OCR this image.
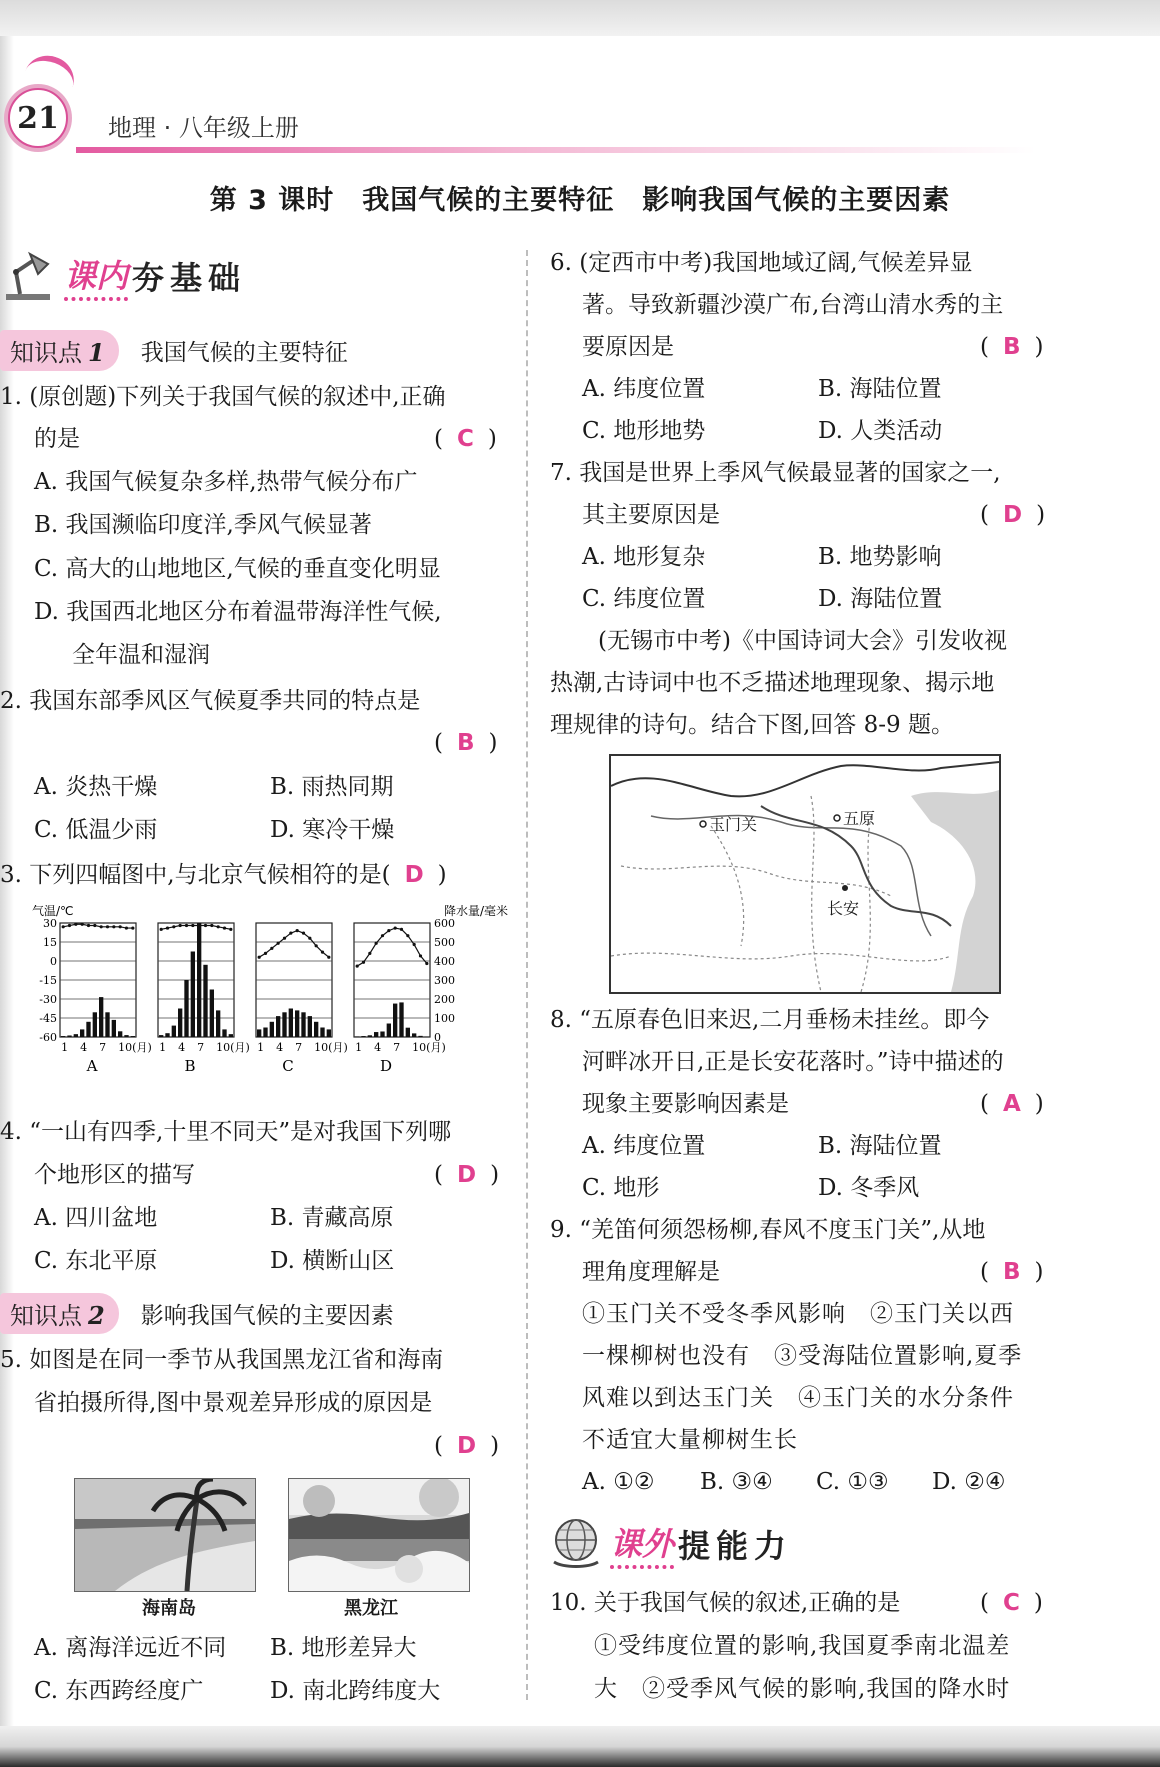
21	地理 · 八年级上册
第 3 课时　我国气候的主要特征　影响我国气候的主要因素
课内 夯基础
知识点 1	我国气候的主要特征
1. (原创题)下列关于我国气候的叙述中,正确
的是	( C )
A. 我国气候复杂多样,热带气候分布广
B. 我国濒临印度洋,季风气候显著
C. 高大的山地地区,气候的垂直变化明显
D. 我国西北地区分布着温带海洋性气候,
全年温和湿润
2. 我国东部季风区气候夏季共同的特点是
( B )
A. 炎热干燥	B. 雨热同期
C. 低温少雨	D. 寒冷干燥
3. 下列四幅图中,与北京气候相符的是( D )
气温/℃	降水量/毫米
30
15
0
-15
-30
-45
-60
600
500
400
300
200
100
0
1 4 7 10(月)
A
1 4 7 10(月)
B
1 4 7 10(月)
C
1 4 7 10(月)
D
4. “一山有四季,十里不同天”是对我国下列哪
个地形区的描写	( D )
A. 四川盆地	B. 青藏高原
C. 东北平原	D. 横断山区
知识点 2	影响我国气候的主要因素
5. 如图是在同一季节从我国黑龙江省和海南
省拍摄所得,图中景观差异形成的原因是
( D )
海南岛	黑龙江
A. 离海洋远近不同 B. 地形差异大
C. 东西跨经度广	D. 南北跨纬度大
6. (定西市中考)我国地域辽阔,气候差异显
著。导致新疆沙漠广布,台湾山清水秀的主
要原因是	( B )
A. 纬度位置	B. 海陆位置
C. 地形地势	D. 人类活动
7. 我国是世界上季风气候最显著的国家之一,
其主要原因是	( D )
A. 地形复杂	B. 地势影响
C. 纬度位置	D. 海陆位置
(无锡市中考)《中国诗词大会》引发收视
热潮,古诗词中也不乏描述地理现象、揭示地
理规律的诗句。结合下图,回答 8-9 题。
玉门关	五原
长安
8. “五原春色旧来迟,二月垂杨未挂丝。即今
河畔冰开日,正是长安花落时。”诗中描述的
现象主要影响因素是	( A )
A. 纬度位置	B. 海陆位置
C. 地形	D. 冬季风
9. “羌笛何须怨杨柳,春风不度玉门关”,从地
理角度理解是	( B )
①玉门关不受冬季风影响　②玉门关以西
一棵柳树也没有　③受海陆位置影响,夏季
风难以到达玉门关　④玉门关的水分条件
不适宜大量柳树生长
A. ①② B. ③④ C. ①③ D. ②④
课外 提能力
10. 关于我国气候的叙述,正确的是	( C )
①受纬度位置的影响,我国夏季南北温差
大　②受季风气候的影响,我国的降水时
